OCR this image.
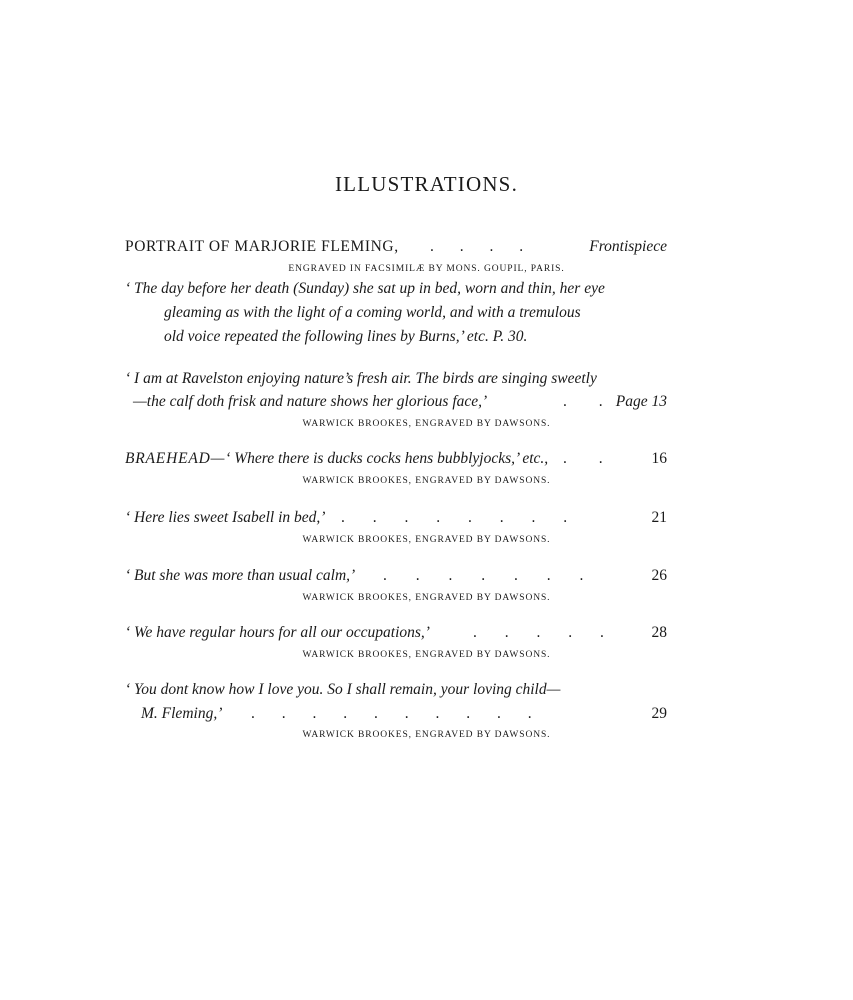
ILLUSTRATIONS.
PORTRAIT OF MARJORIE FLEMING, . . . .	Frontispiece
ENGRAVED IN FACSIMILÆ BY MONS. GOUPIL, PARIS.
‘ The day before her death (Sunday) she sat up in bed, worn and thin, her eye
gleaming as with the light of a coming world, and with a tremulous
old voice repeated the following lines by Burns,’ etc. P. 30.
‘ I am at Ravelston enjoying nature’s fresh air. The birds are singing sweetly
—the calf doth frisk and nature shows her glorious face,’	. . Page 13
WARWICK BROOKES, ENGRAVED BY DAWSONS.
BRAEHEAD—‘ Where there is ducks cocks hens bubblyjocks,’ etc., . .	16
WARWICK BROOKES, ENGRAVED BY DAWSONS.
‘ Here lies sweet Isabell in bed,’ . . . . . . . .	21
WARWICK BROOKES, ENGRAVED BY DAWSONS.
‘ But she was more than usual calm,’ . . . . . . .	26
WARWICK BROOKES, ENGRAVED BY DAWSONS.
‘ We have regular hours for all our occupations,’	. . . . .	28
WARWICK BROOKES, ENGRAVED BY DAWSONS.
‘ You dont know how I love you. So I shall remain, your loving child—
M. Fleming,’ . . . . . . . . . .	29
WARWICK BROOKES, ENGRAVED BY DAWSONS.
